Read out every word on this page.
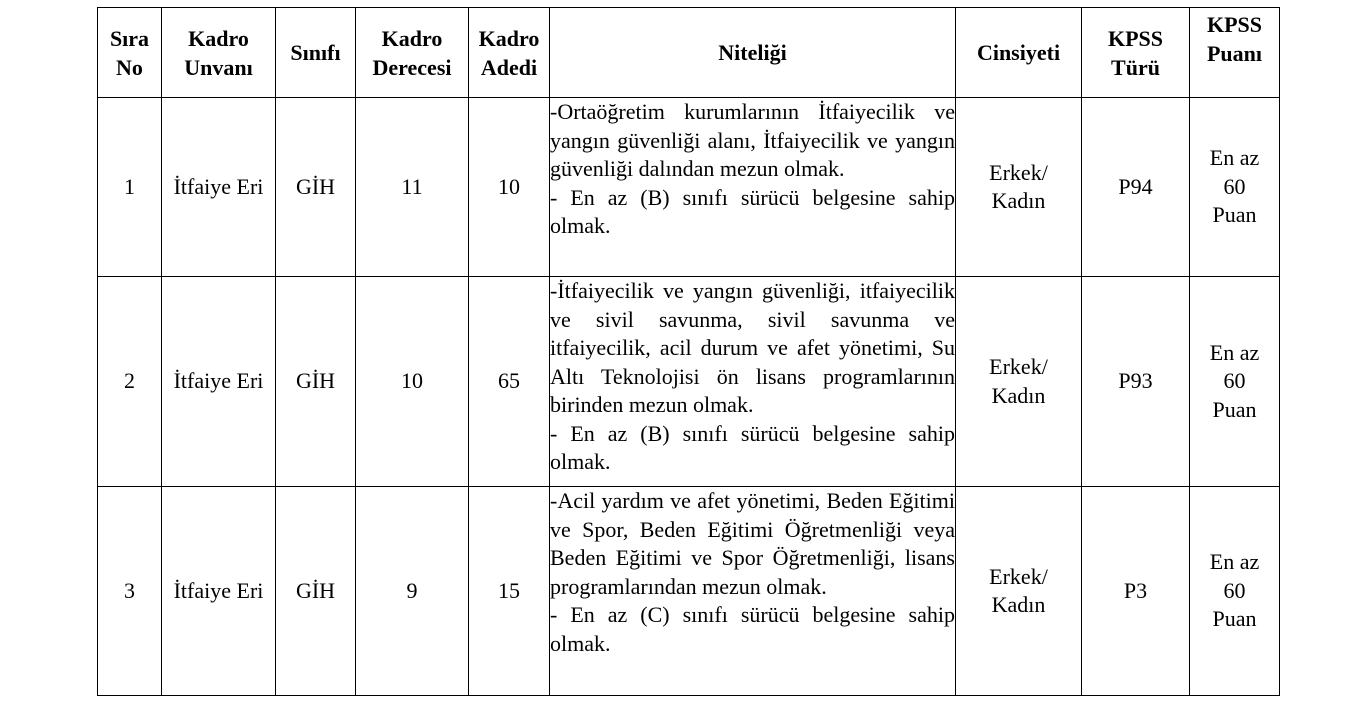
Sıra No	Kadro Unvanı	Sınıfı	Kadro Derecesi	Kadro Adedi	Niteliği	Cinsiyeti	KPSS Türü	KPSS Puanı

1	İtfaiye Eri	GİH	11	10	-Ortaöğretim kurumlarının İtfaiyecilik ve yangın güvenliği alanı, İtfaiyecilik ve yangın güvenliği dalından mezun olmak.
- En az (B) sınıfı sürücü belgesine sahip olmak.	Erkek/ Kadın	P94	En az 60 Puan

2	İtfaiye Eri	GİH	10	65	-İtfaiyecilik ve yangın güvenliği, itfaiyecilik ve sivil savunma, sivil savunma ve itfaiyecilik, acil durum ve afet yönetimi, Su Altı Teknolojisi ön lisans programlarının birinden mezun olmak.
- En az (B) sınıfı sürücü belgesine sahip olmak.	Erkek/ Kadın	P93	En az 60 Puan

3	İtfaiye Eri	GİH	9	15	-Acil yardım ve afet yönetimi, Beden Eğitimi ve Spor, Beden Eğitimi Öğretmenliği veya Beden Eğitimi ve Spor Öğretmenliği, lisans programlarından mezun olmak.
- En az (C) sınıfı sürücü belgesine sahip olmak.	Erkek/ Kadın	P3	En az 60 Puan
